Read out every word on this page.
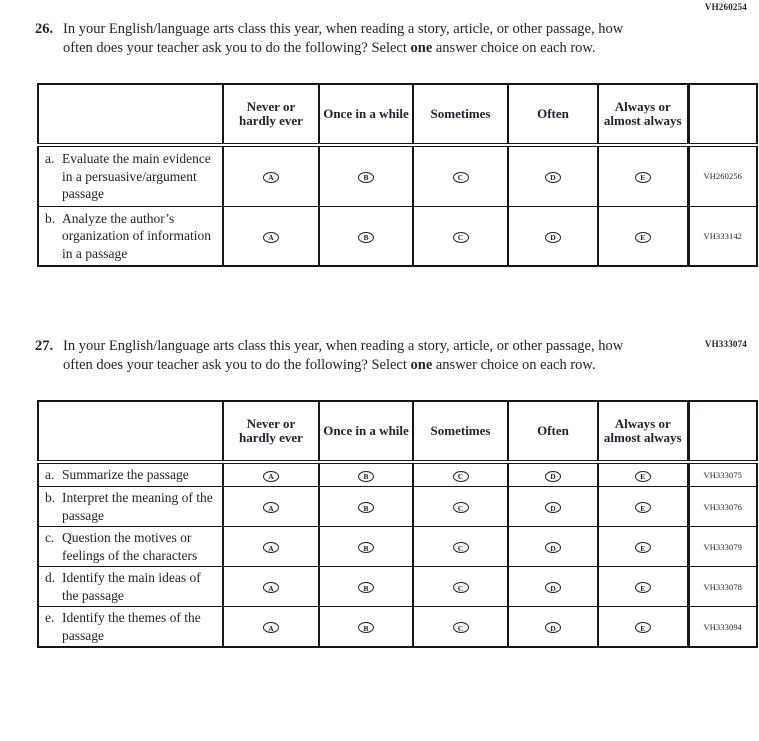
VH260254
26. In your English/language arts class this year, when reading a story, article, or other passage, how often does your teacher ask you to do the following? Select one answer choice on each row.

	Never or hardly ever	Once in a while	Sometimes	Often	Always or almost always	

a. Evaluate the main evidence in a persuasive/argument passage	A	B	C	D	E	VH260256

b. Analyze the author’s organization of information in a passage	A	B	C	D	E	VH333142
VH333074
27. In your English/language arts class this year, when reading a story, article, or other passage, how often does your teacher ask you to do the following? Select one answer choice on each row.

	Never or hardly ever	Once in a while	Sometimes	Often	Always or almost always	

a. Summarize the passage	A	B	C	D	E	VH333075

b. Interpret the meaning of the passage	A	B	C	D	E	VH333076

c. Question the motives or feelings of the characters	A	B	C	D	E	VH333079

d. Identify the main ideas of the passage	A	B	C	D	E	VH333078

e. Identify the themes of the passage	A	B	C	D	E	VH333094
